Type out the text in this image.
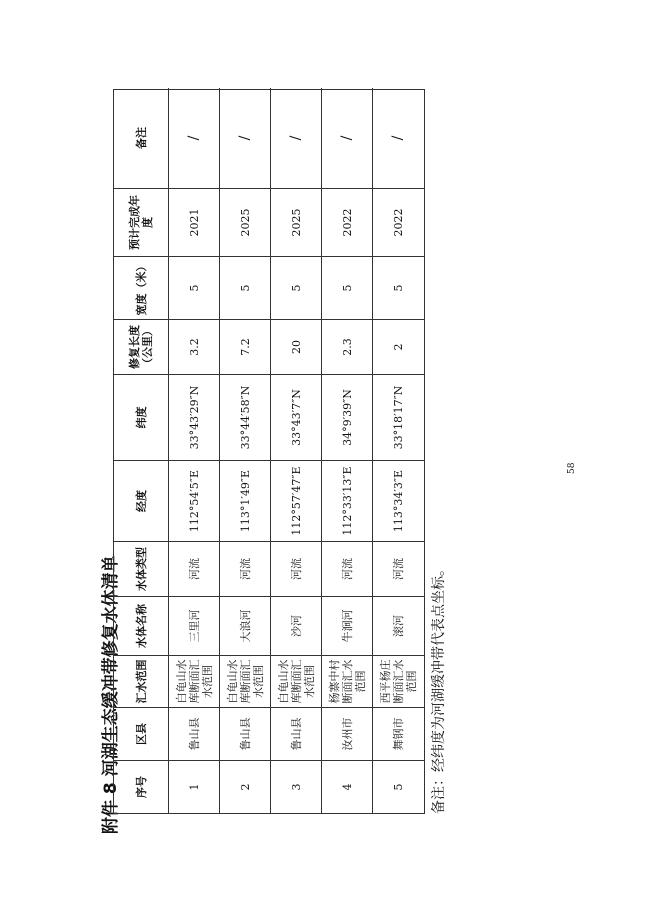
附件 8 河湖生态缓冲带修复水体清单	序号
区县
汇水范围
水体名称
水体类型
经度
纬度
修复长度（公里）
宽度（米）
预计完成年度
备注
1
鲁山县
白龟山水库断面汇水范围
三里河
河流
112°54′5″E
33°43′29″N
3.2
5
2021
/
2
鲁山县
白龟山水库断面汇水范围
大浪河
河流
113°1′49″E
33°44′58″N
7.2
5
2025
/
3
鲁山县
白龟山水库断面汇水范围
沙河
河流
112°57′47″E
33°43′7″N
20
5
2025
/
4
汝州市
杨寨中村断面汇水范围
牛涧河
河流
112°33′13″E
34°9′39″N
2.3
5
2022
/
5
舞钢市
西平杨庄断面汇水范围
滚河
河流
113°34′3″E
33°18′17″N
2
5
2022
/
备注：经纬度为河湖缓冲带代表点坐标。
58
